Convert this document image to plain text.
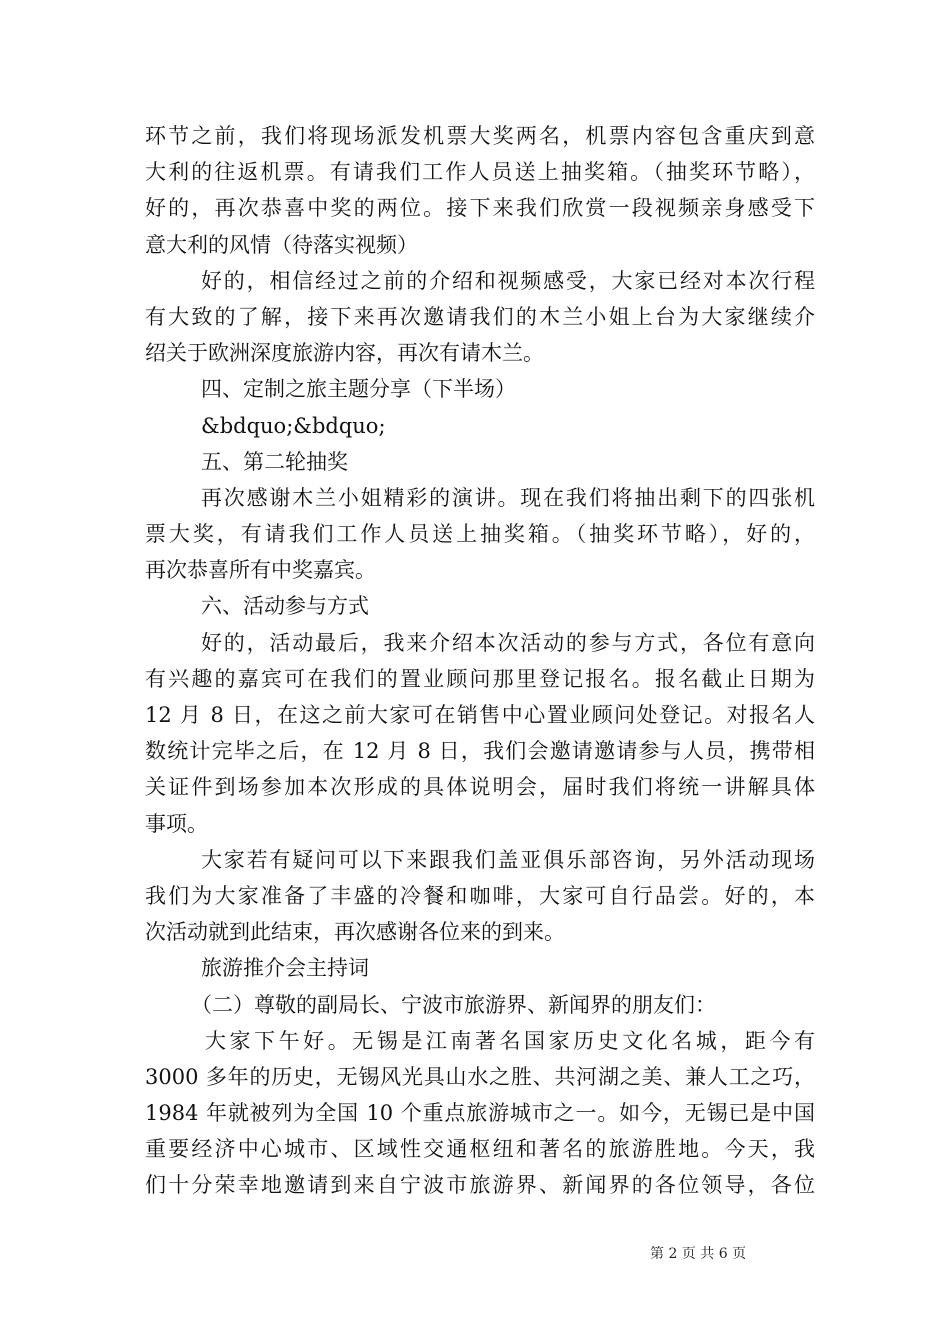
环节之前，我们将现场派发机票大奖两名，机票内容包含重庆到意
大利的往返机票。有请我们工作人员送上抽奖箱。（抽奖环节略），
好的，再次恭喜中奖的两位。接下来我们欣赏一段视频亲身感受下
意大利的风情（待落实视频）
好的，相信经过之前的介绍和视频感受，大家已经对本次行程
有大致的了解，接下来再次邀请我们的木兰小姐上台为大家继续介
绍关于欧洲深度旅游内容，再次有请木兰。
四、定制之旅主题分享（下半场）
&bdquo;&bdquo;
五、第二轮抽奖
再次感谢木兰小姐精彩的演讲。现在我们将抽出剩下的四张机
票大奖，有请我们工作人员送上抽奖箱。（抽奖环节略），好的，
再次恭喜所有中奖嘉宾。
六、活动参与方式
好的，活动最后，我来介绍本次活动的参与方式，各位有意向
有兴趣的嘉宾可在我们的置业顾问那里登记报名。报名截止日期为
12 月 8 日，在这之前大家可在销售中心置业顾问处登记。对报名人
数统计完毕之后，在 12 月 8 日，我们会邀请邀请参与人员，携带相
关证件到场参加本次形成的具体说明会，届时我们将统一讲解具体
事项。
大家若有疑问可以下来跟我们盖亚俱乐部咨询，另外活动现场
我们为大家准备了丰盛的冷餐和咖啡，大家可自行品尝。好的，本
次活动就到此结束，再次感谢各位来的到来。
旅游推介会主持词
（二）尊敬的副局长、宁波市旅游界、新闻界的朋友们：
大家下午好。无锡是江南著名国家历史文化名城，距今有
3000 多年的历史，无锡风光具山水之胜、共河湖之美、兼人工之巧，
1984 年就被列为全国 10 个重点旅游城市之一。如今，无锡已是中国
重要经济中心城市、区域性交通枢纽和著名的旅游胜地。今天，我
们十分荣幸地邀请到来自宁波市旅游界、新闻界的各位领导，各位
第 2 页 共 6 页
